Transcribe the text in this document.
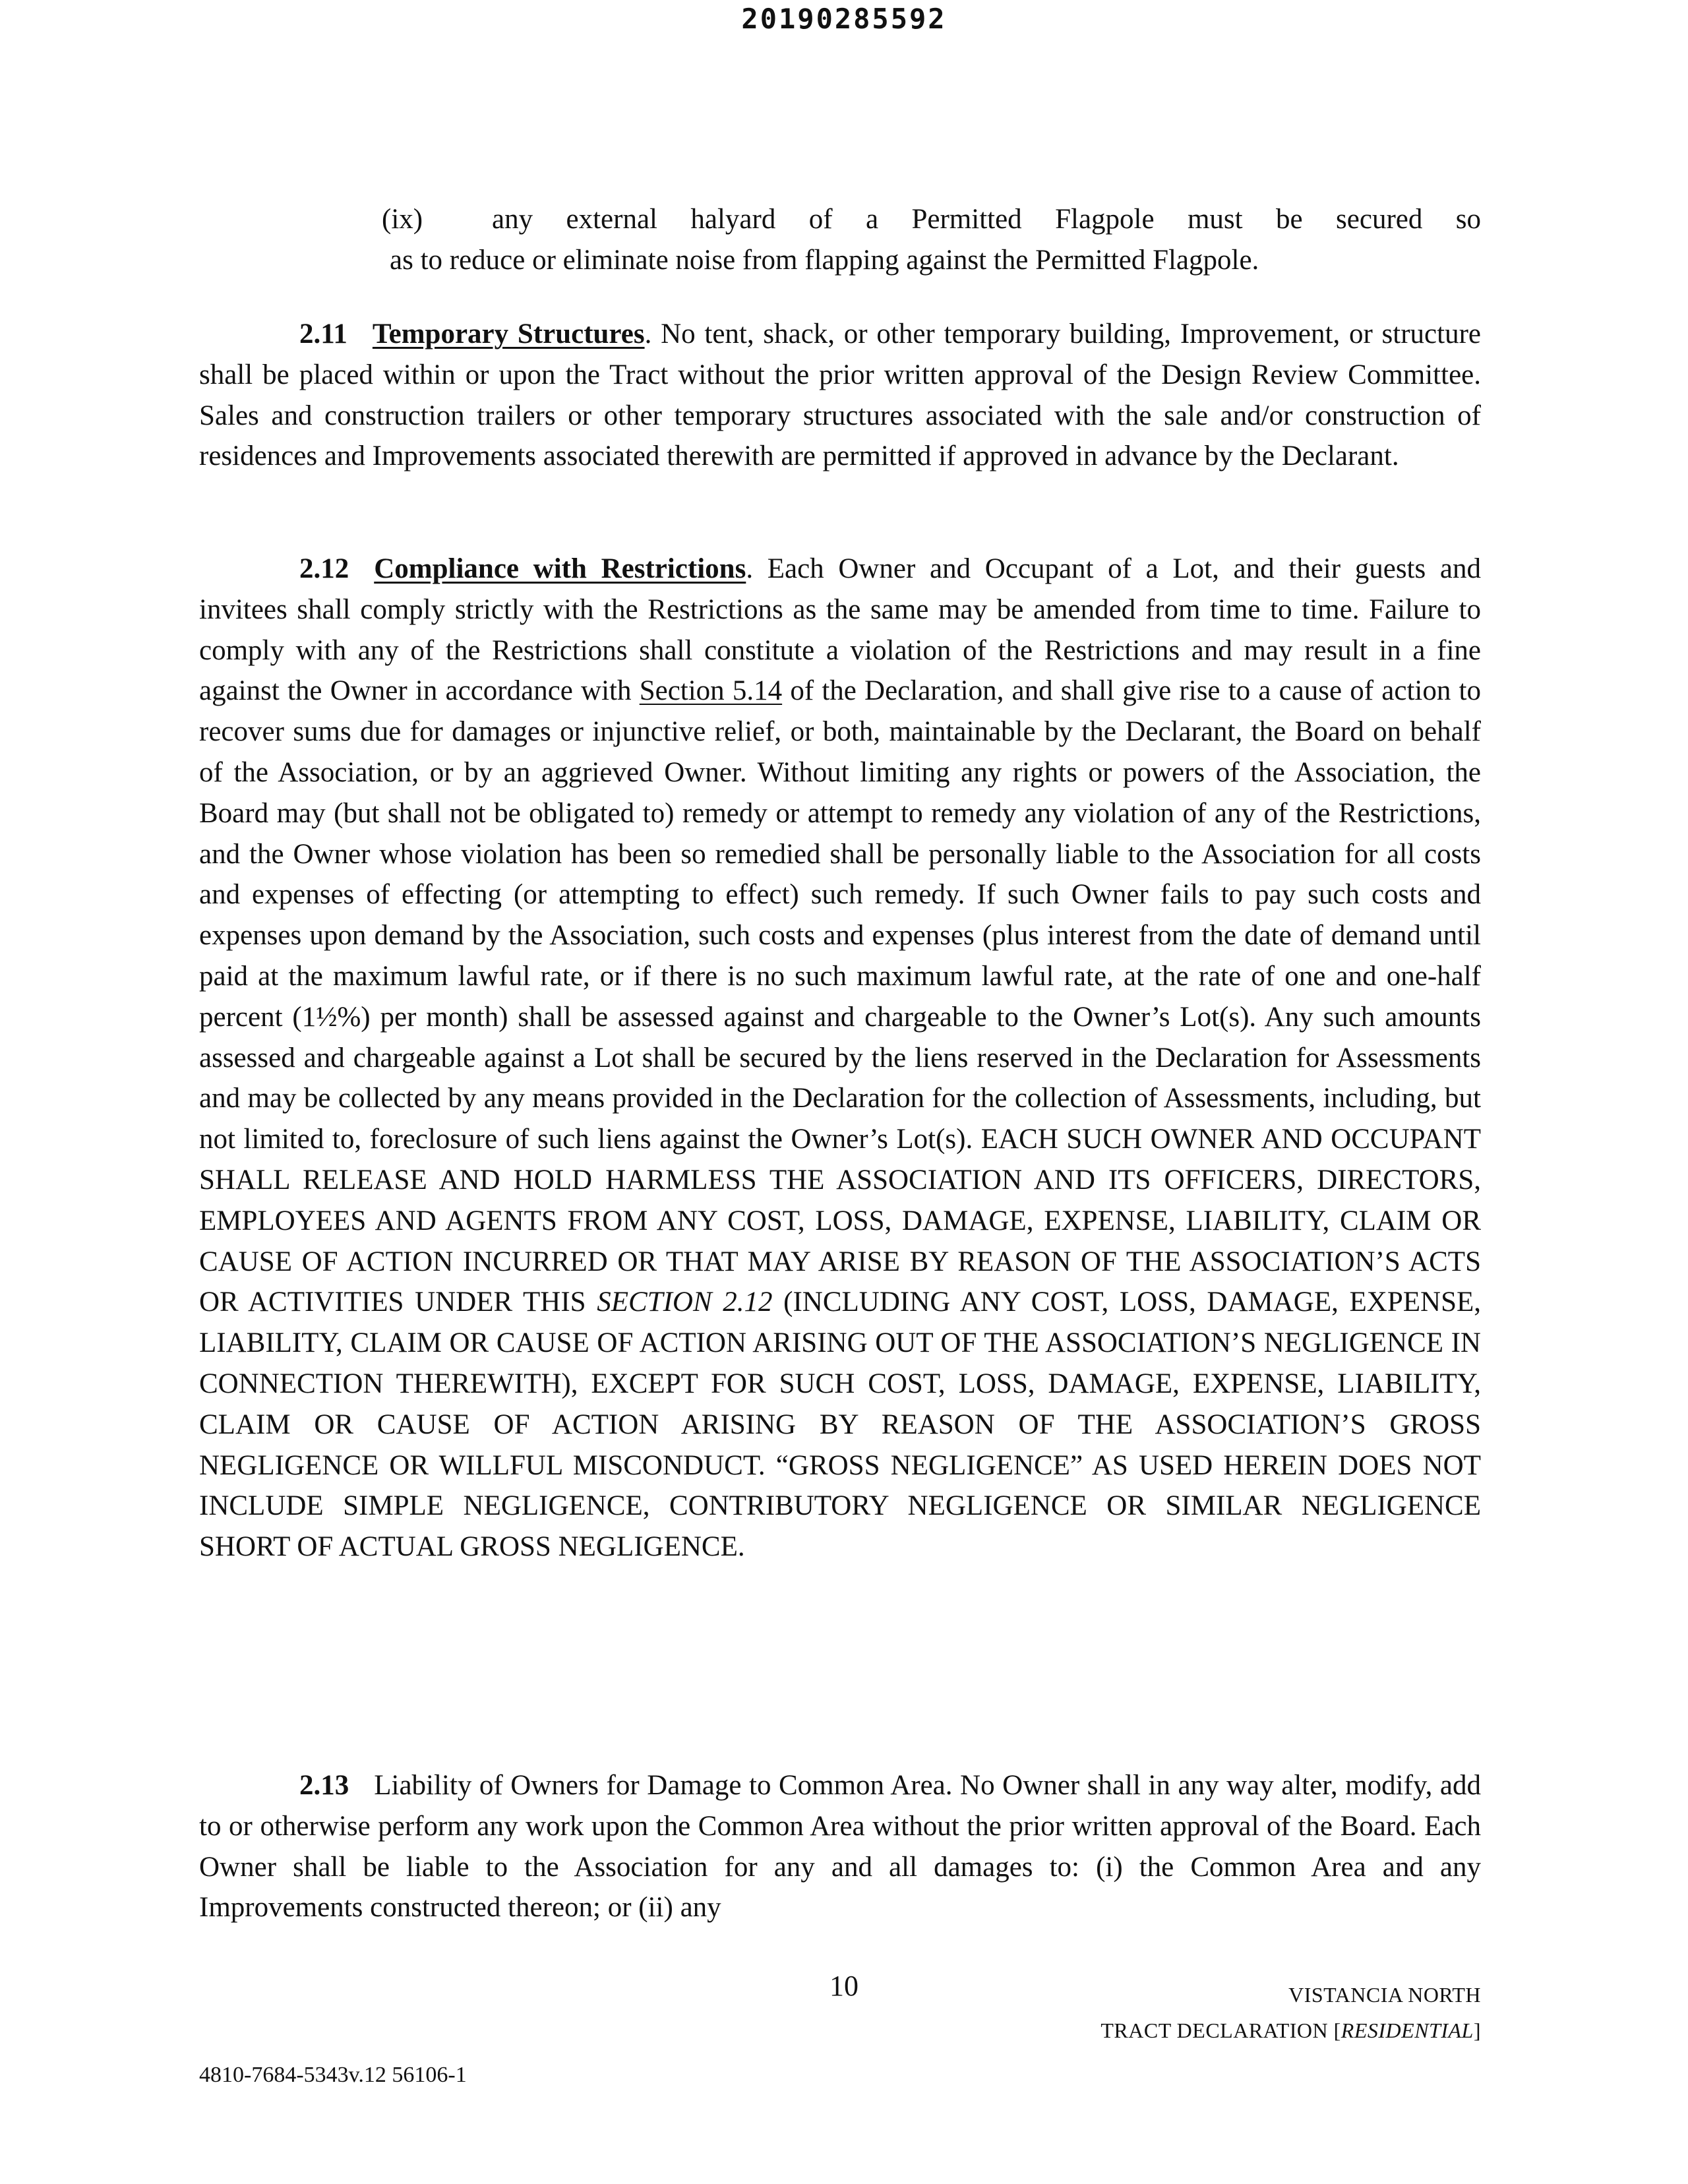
20190285592
(ix) any external halyard of a Permitted Flagpole must be secured so
as to reduce or eliminate noise from flapping against the Permitted Flagpole.
2.11 Temporary Structures. No tent, shack, or other temporary building, Improvement, or structure shall be placed within or upon the Tract without the prior written approval of the Design Review Committee. Sales and construction trailers or other temporary structures associated with the sale and/or construction of residences and Improvements associated therewith are permitted if approved in advance by the Declarant.
2.12 Compliance with Restrictions. Each Owner and Occupant of a Lot, and their guests and invitees shall comply strictly with the Restrictions as the same may be amended from time to time. Failure to comply with any of the Restrictions shall constitute a violation of the Restrictions and may result in a fine against the Owner in accordance with Section 5.14 of the Declaration, and shall give rise to a cause of action to recover sums due for damages or injunctive relief, or both, maintainable by the Declarant, the Board on behalf of the Association, or by an aggrieved Owner. Without limiting any rights or powers of the Association, the Board may (but shall not be obligated to) remedy or attempt to remedy any violation of any of the Restrictions, and the Owner whose violation has been so remedied shall be personally liable to the Association for all costs and expenses of effecting (or attempting to effect) such remedy. If such Owner fails to pay such costs and expenses upon demand by the Association, such costs and expenses (plus interest from the date of demand until paid at the maximum lawful rate, or if there is no such maximum lawful rate, at the rate of one and one-half percent (1½%) per month) shall be assessed against and chargeable to the Owner’s Lot(s). Any such amounts assessed and chargeable against a Lot shall be secured by the liens reserved in the Declaration for Assessments and may be collected by any means provided in the Declaration for the collection of Assessments, including, but not limited to, foreclosure of such liens against the Owner’s Lot(s). EACH SUCH OWNER AND OCCUPANT SHALL RELEASE AND HOLD HARMLESS THE ASSOCIATION AND ITS OFFICERS, DIRECTORS, EMPLOYEES AND AGENTS FROM ANY COST, LOSS, DAMAGE, EXPENSE, LIABILITY, CLAIM OR CAUSE OF ACTION INCURRED OR THAT MAY ARISE BY REASON OF THE ASSOCIATION’S ACTS OR ACTIVITIES UNDER THIS SECTION 2.12 (INCLUDING ANY COST, LOSS, DAMAGE, EXPENSE, LIABILITY, CLAIM OR CAUSE OF ACTION ARISING OUT OF THE ASSOCIATION’S NEGLIGENCE IN CONNECTION THEREWITH), EXCEPT FOR SUCH COST, LOSS, DAMAGE, EXPENSE, LIABILITY, CLAIM OR CAUSE OF ACTION ARISING BY REASON OF THE ASSOCIATION’S GROSS NEGLIGENCE OR WILLFUL MISCONDUCT. “GROSS NEGLIGENCE” AS USED HEREIN DOES NOT INCLUDE SIMPLE NEGLIGENCE, CONTRIBUTORY NEGLIGENCE OR SIMILAR NEGLIGENCE SHORT OF ACTUAL GROSS NEGLIGENCE.
2.13 Liability of Owners for Damage to Common Area. No Owner shall in any way alter, modify, add to or otherwise perform any work upon the Common Area without the prior written approval of the Board. Each Owner shall be liable to the Association for any and all damages to: (i) the Common Area and any Improvements constructed thereon; or (ii) any
10	VISTANCIA NORTH
TRACT DECLARATION [RESIDENTIAL]
4810-7684-5343v.12 56106-1
